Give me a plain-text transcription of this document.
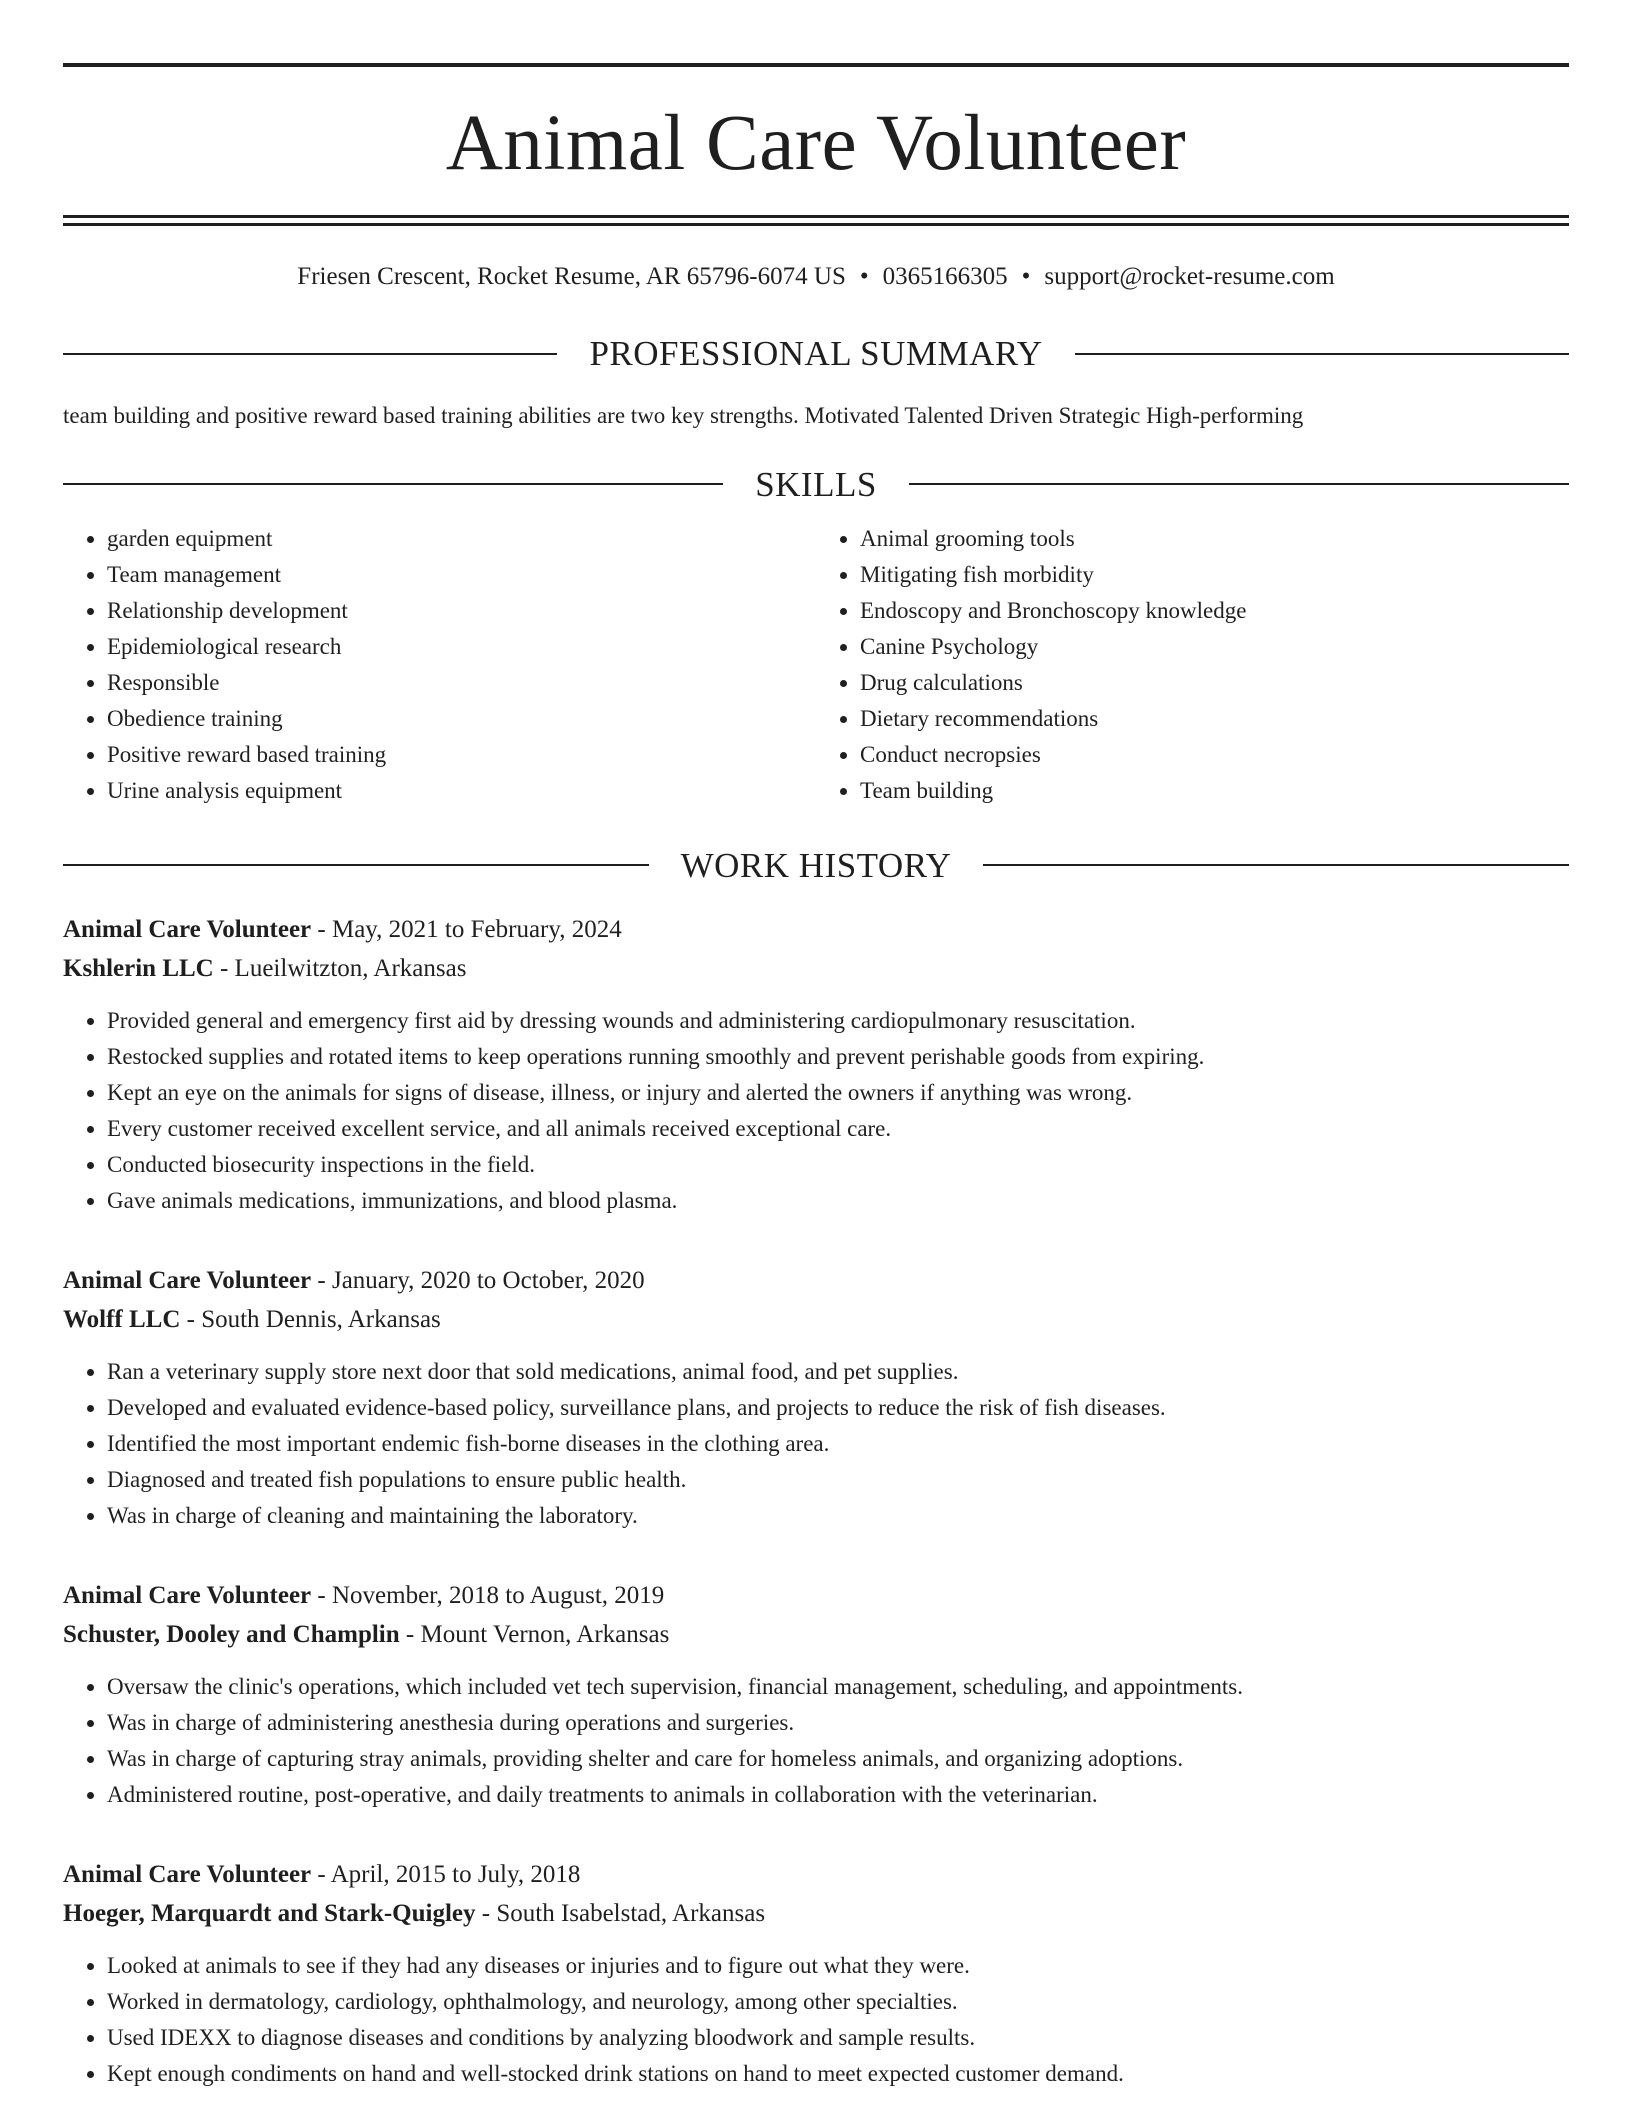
Animal Care Volunteer
Friesen Crescent, Rocket Resume, AR 65796-6074 US • 0365166305 • support@rocket-resume.com
PROFESSIONAL SUMMARY
team building and positive reward based training abilities are two key strengths. Motivated Talented Driven Strategic High-performing
SKILLS
• garden equipment
• Team management
• Relationship development
• Epidemiological research
• Responsible
• Obedience training
• Positive reward based training
• Urine analysis equipment
• Animal grooming tools
• Mitigating fish morbidity
• Endoscopy and Bronchoscopy knowledge
• Canine Psychology
• Drug calculations
• Dietary recommendations
• Conduct necropsies
• Team building
WORK HISTORY
Animal Care Volunteer - May, 2021 to February, 2024
Kshlerin LLC - Lueilwitzton, Arkansas
• Provided general and emergency first aid by dressing wounds and administering cardiopulmonary resuscitation.
• Restocked supplies and rotated items to keep operations running smoothly and prevent perishable goods from expiring.
• Kept an eye on the animals for signs of disease, illness, or injury and alerted the owners if anything was wrong.
• Every customer received excellent service, and all animals received exceptional care.
• Conducted biosecurity inspections in the field.
• Gave animals medications, immunizations, and blood plasma.
Animal Care Volunteer - January, 2020 to October, 2020
Wolff LLC - South Dennis, Arkansas
• Ran a veterinary supply store next door that sold medications, animal food, and pet supplies.
• Developed and evaluated evidence-based policy, surveillance plans, and projects to reduce the risk of fish diseases.
• Identified the most important endemic fish-borne diseases in the clothing area.
• Diagnosed and treated fish populations to ensure public health.
• Was in charge of cleaning and maintaining the laboratory.
Animal Care Volunteer - November, 2018 to August, 2019
Schuster, Dooley and Champlin - Mount Vernon, Arkansas
• Oversaw the clinic's operations, which included vet tech supervision, financial management, scheduling, and appointments.
• Was in charge of administering anesthesia during operations and surgeries.
• Was in charge of capturing stray animals, providing shelter and care for homeless animals, and organizing adoptions.
• Administered routine, post-operative, and daily treatments to animals in collaboration with the veterinarian.
Animal Care Volunteer - April, 2015 to July, 2018
Hoeger, Marquardt and Stark-Quigley - South Isabelstad, Arkansas
• Looked at animals to see if they had any diseases or injuries and to figure out what they were.
• Worked in dermatology, cardiology, ophthalmology, and neurology, among other specialties.
• Used IDEXX to diagnose diseases and conditions by analyzing bloodwork and sample results.
• Kept enough condiments on hand and well-stocked drink stations on hand to meet expected customer demand.
